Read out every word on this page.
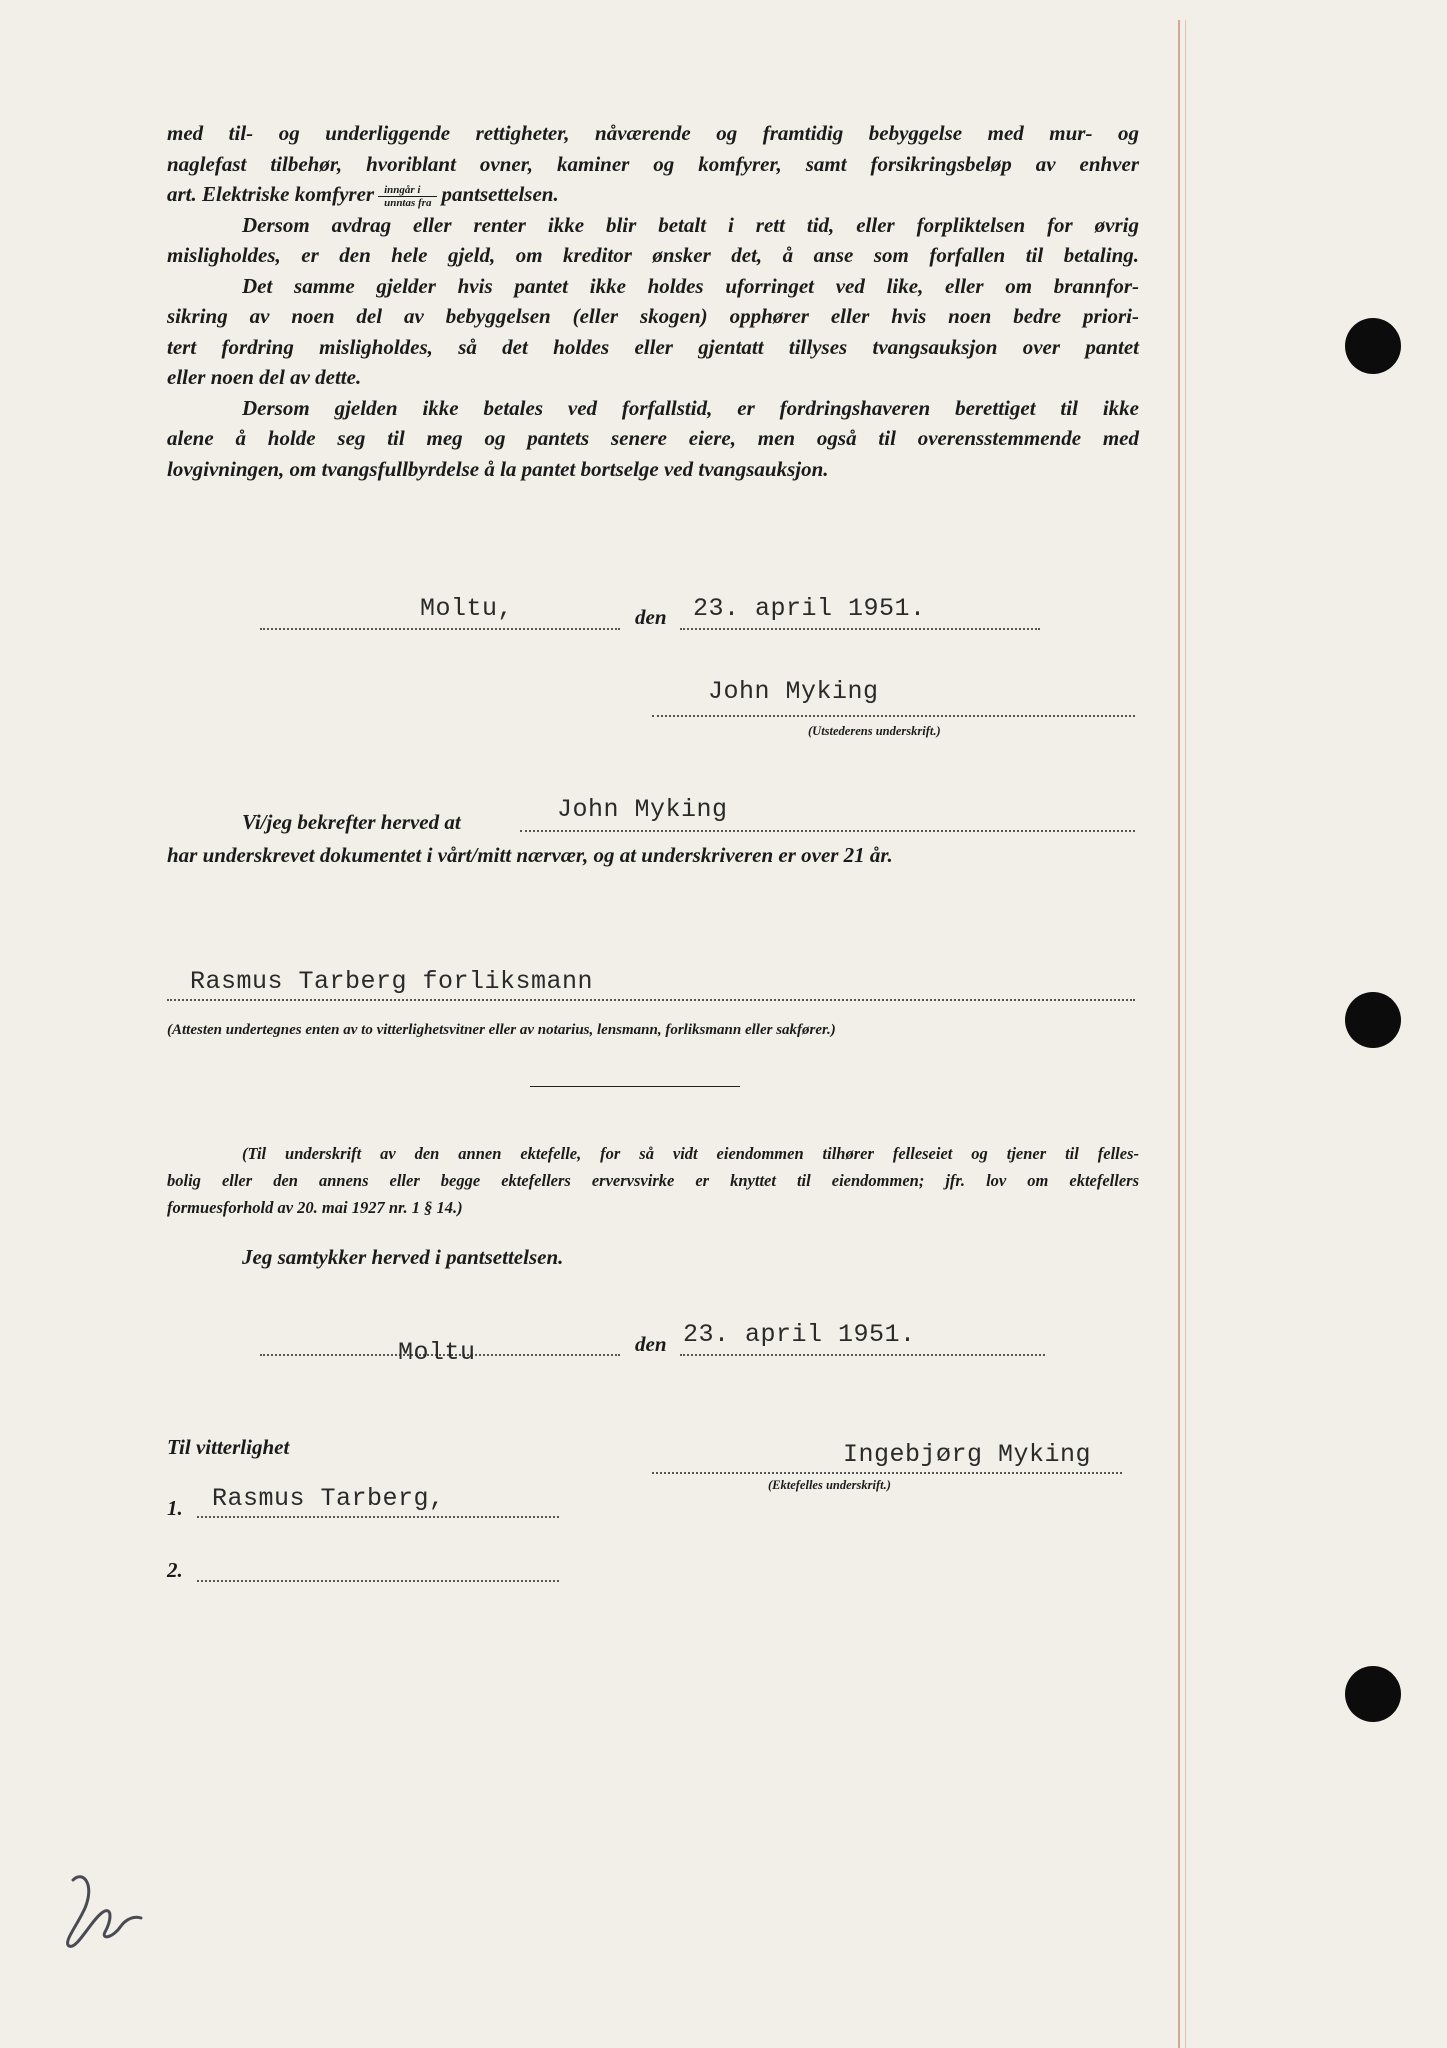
med til- og underliggende rettigheter, nåværende og framtidig bebyggelse med mur- og
naglefast tilbehør, hvoriblant ovner, kaminer og komfyrer, samt forsikringsbeløp av enhver
art. Elektriske komfyrer $\frac{\text{inngår i}}{\text{unntas fra}}$ pantsettelsen.
Dersom avdrag eller renter ikke blir betalt i rett tid, eller forpliktelsen for øvrig
misligholdes, er den hele gjeld, om kreditor ønsker det, å anse som forfallen til betaling.
Det samme gjelder hvis pantet ikke holdes uforringet ved like, eller om brannfor-
sikring av noen del av bebyggelsen (eller skogen) opphører eller hvis noen bedre priori-
tert fordring misligholdes, så det holdes eller gjentatt tillyses tvangsauksjon over pantet
eller noen del av dette.
Dersom gjelden ikke betales ved forfallstid, er fordringshaveren berettiget til ikke
alene å holde seg til meg og pantets senere eiere, men også til overensstemmende med
lovgivningen, om tvangsfullbyrdelse å la pantet bortselge ved tvangsauksjon.
Moltu,	den 23. april 1951.
John Myking
(Utstederens underskrift.)
Vi/jeg bekrefter herved at	John Myking
har underskrevet dokumentet i vårt/mitt nærvær, og at underskriveren er over 21 år.
Rasmus Tarberg forliksmann
(Attesten undertegnes enten av to vitterlighetsvitner eller av notarius, lensmann, forliksmann eller sakfører.)
(Til underskrift av den annen ektefelle, for så vidt eiendommen tilhører felleseiet og tjener til felles-
bolig eller den annens eller begge ektefellers ervervsvirke er knyttet til eiendommen; jfr. lov om ektefellers
formuesforhold av 20. mai 1927 nr. 1 § 14.)
Jeg samtykker herved i pantsettelsen.
Moltu	den 23. april 1951.
Til vitterlighet	Ingebjørg Myking
(Ektefelles underskrift.)
1. Rasmus Tarberg,
2.
